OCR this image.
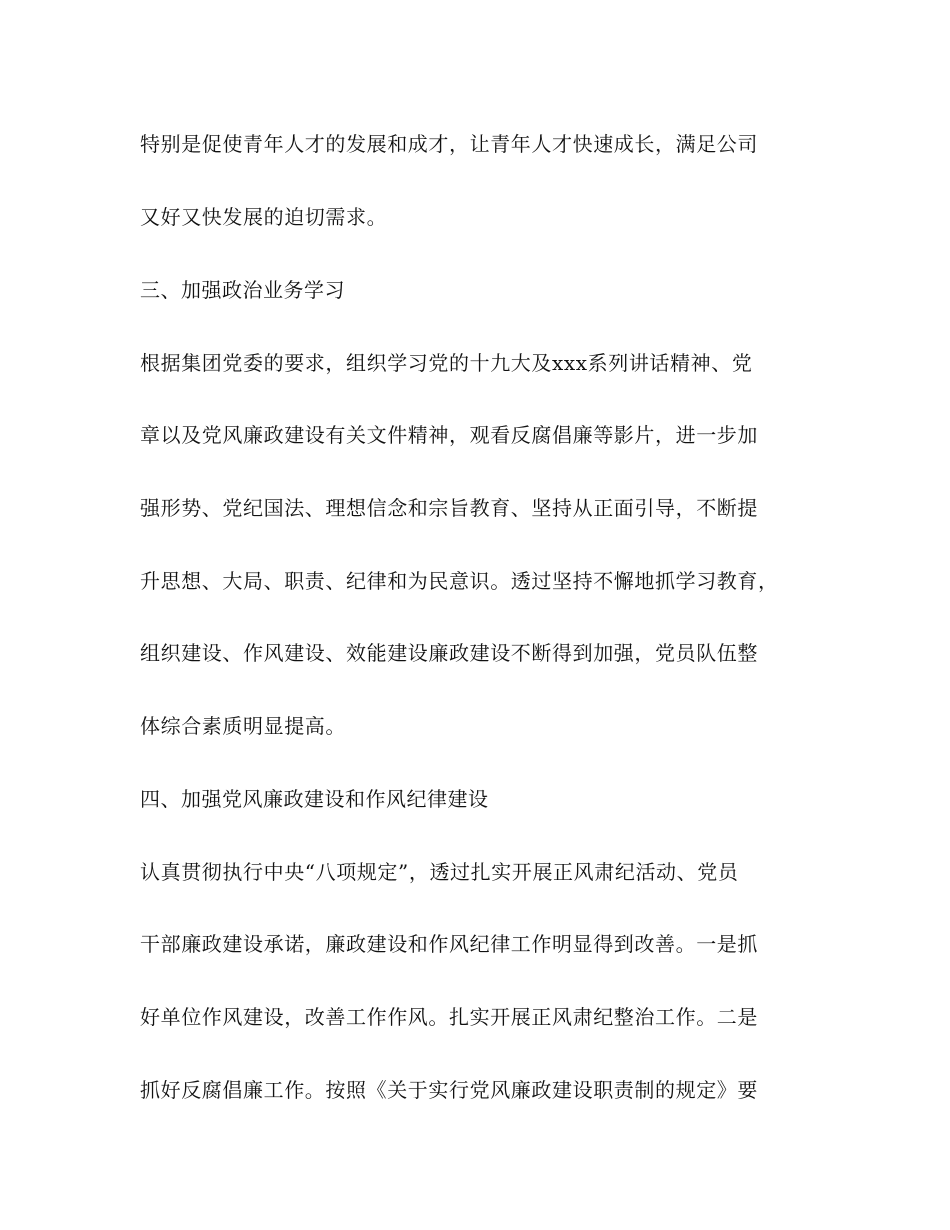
特别是促使青年人才的发展和成才，让青年人才快速成长，满足公司

又好又快发展的迫切需求。

三、加强政治业务学习

根据集团党委的要求，组织学习党的十九大及xxx系列讲话精神、党

章以及党风廉政建设有关文件精神，观看反腐倡廉等影片，进一步加

强形势、党纪国法、理想信念和宗旨教育、坚持从正面引导，不断提

升思想、大局、职责、纪律和为民意识。透过坚持不懈地抓学习教育，

组织建设、作风建设、效能建设廉政建设不断得到加强，党员队伍整

体综合素质明显提高。

四、加强党风廉政建设和作风纪律建设

认真贯彻执行中央“八项规定”，透过扎实开展正风肃纪活动、党员

干部廉政建设承诺，廉政建设和作风纪律工作明显得到改善。一是抓

好单位作风建设，改善工作作风。扎实开展正风肃纪整治工作。二是

抓好反腐倡廉工作。按照《关于实行党风廉政建设职责制的规定》要
